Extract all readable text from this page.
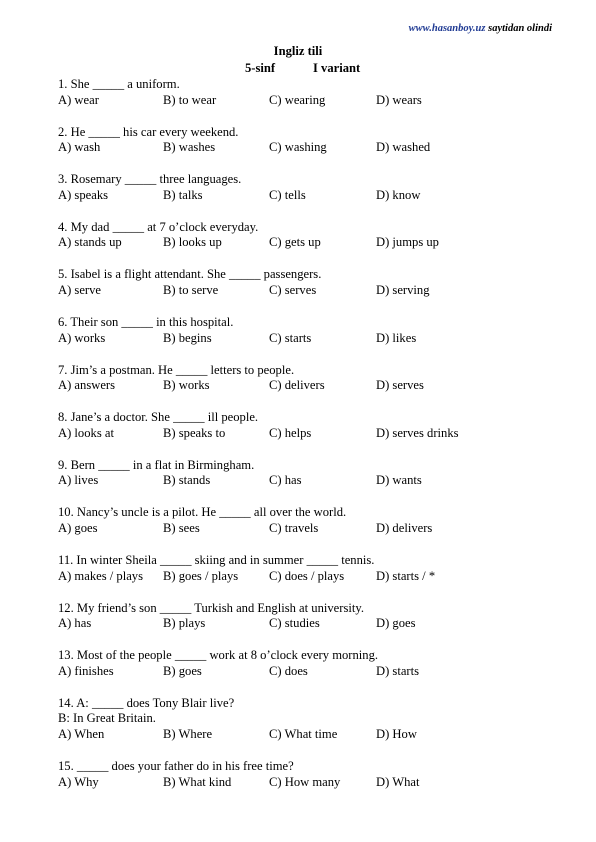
www.hasanboy.uz saytidan olindi
Ingliz tili
5-sinf	I variant
1. She _____ a uniform.
A) wear	B) to wear	C) wearing	D) wears
2. He _____ his car every weekend.
A) wash	B) washes	C) washing	D) washed
3. Rosemary _____ three languages.
A) speaks	B) talks	C) tells	D) know
4. My dad _____ at 7 o’clock everyday.
A) stands up	B) looks up	C) gets up	D) jumps up
5. Isabel is a flight attendant. She _____ passengers.
A) serve	B) to serve	C) serves	D) serving
6. Their son _____ in this hospital.
A) works	B) begins	C) starts	D) likes
7. Jim’s a postman. He _____ letters to people.
A) answers	B) works	C) delivers	D) serves
8. Jane’s a doctor. She _____ ill people.
A) looks at	B) speaks to	C) helps	D) serves drinks
9. Bern _____ in a flat in Birmingham.
A) lives	B) stands	C) has	D) wants
10. Nancy’s uncle is a pilot. He _____ all over the world.
A) goes	B) sees	C) travels	D) delivers
11. In winter Sheila _____ skiing and in summer _____ tennis.
A) makes / plays B) goes / plays C) does / plays	D) starts / *
12. My friend’s son _____ Turkish and English at university.
A) has	B) plays	C) studies	D) goes
13. Most of the people _____ work at 8 o’clock every morning.
A) finishes	B) goes	C) does	D) starts
14. A: _____ does Tony Blair live?
B: In Great Britain.
A) When	B) Where	C) What time	D) How
15. _____ does your father do in his free time?
A) Why	B) What kind	C) How many	D) What
